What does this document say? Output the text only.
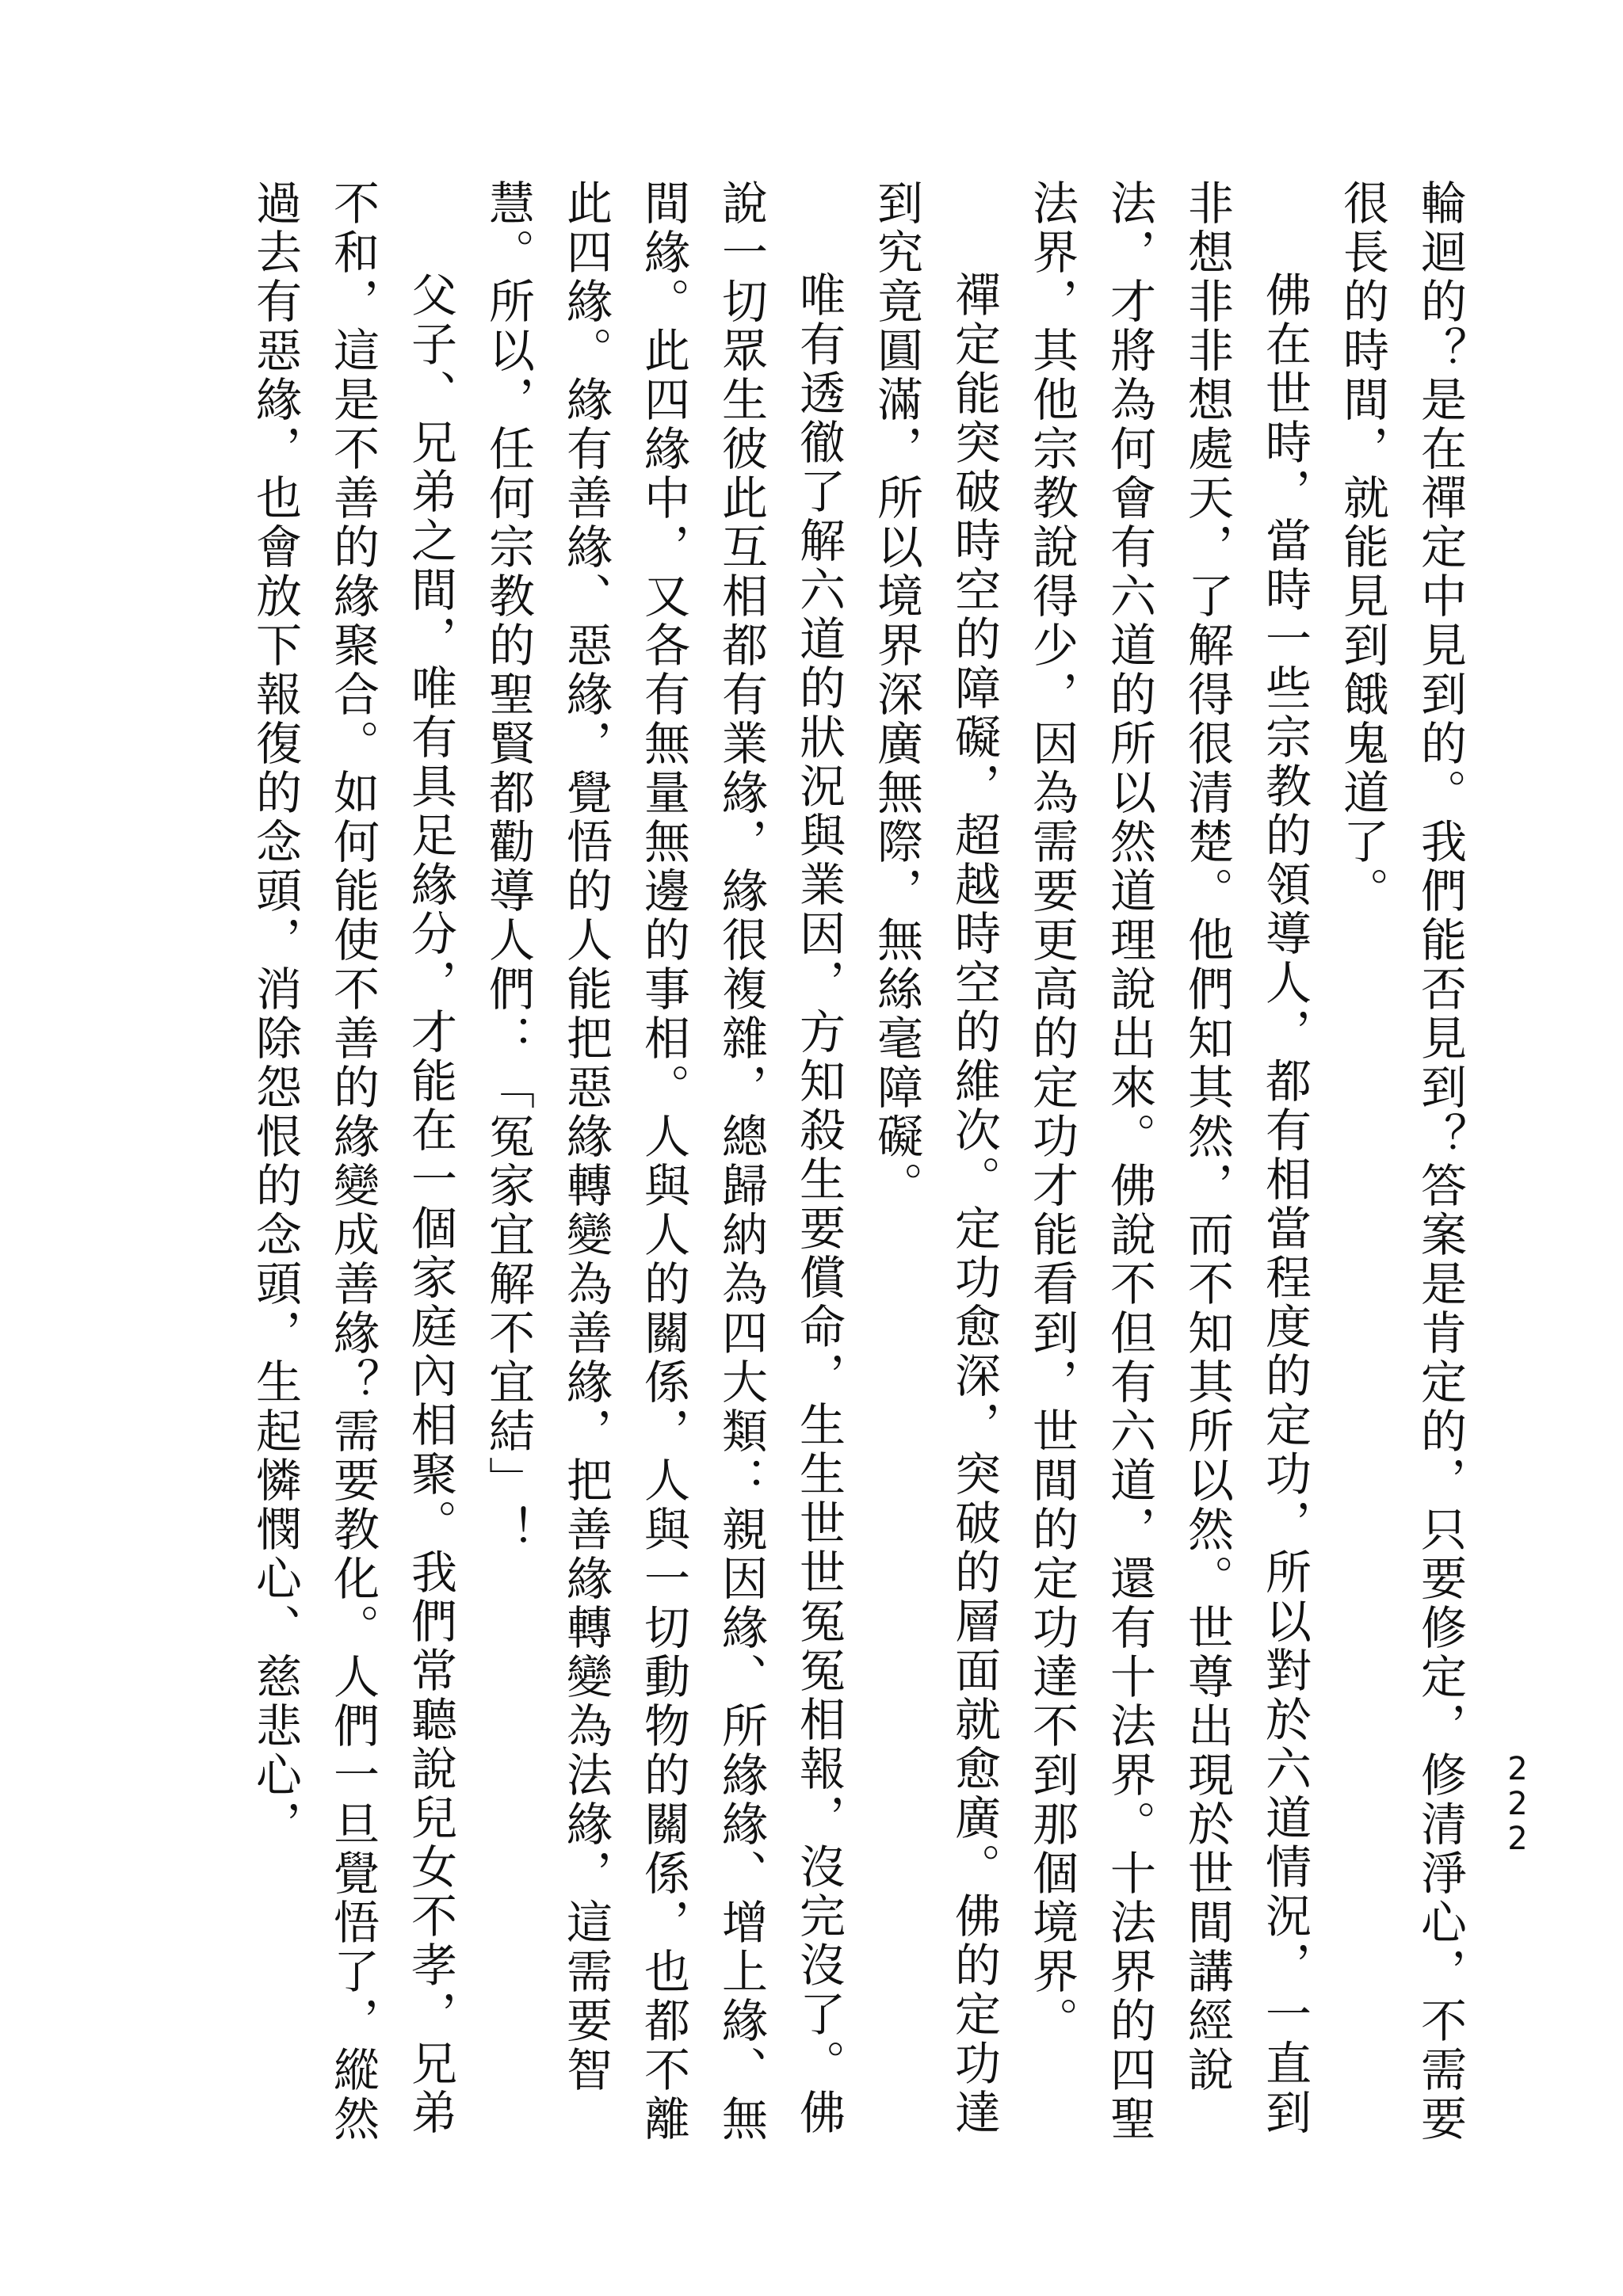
222

輪迴的？是在禪定中見到的。我們能否見到？答案是肯定的，只要修定，修清淨心，不需要很長的時間，就能見到餓鬼道了。

佛在世時，當時一些宗教的領導人，都有相當程度的定功，所以對於六道情況，一直到非想非非想處天，了解得很清楚。他們知其然，而不知其所以然。世尊出現於世間講經說法，才將為何會有六道的所以然道理說出來。佛說不但有六道，還有十法界。十法界的四聖法界，其他宗教說得少，因為需要更高的定功才能看到，世間的定功達不到那個境界。

禪定能突破時空的障礙，超越時空的維次。定功愈深，突破的層面就愈廣。佛的定功達到究竟圓滿，所以境界深廣無際，無絲毫障礙。

唯有透徹了解六道的狀況與業因，方知殺生要償命，生生世世冤冤相報，沒完沒了。佛說一切眾生彼此互相都有業緣，緣很複雜，總歸納為四大類：親因緣、所緣緣、增上緣、無間緣。此四緣中，又各有無量無邊的事相。人與人的關係，人與一切動物的關係，也都不離此四緣。緣有善緣、惡緣，覺悟的人能把惡緣轉變為善緣，把善緣轉變為法緣，這需要智慧。所以，任何宗教的聖賢都勸導人們：「冤家宜解不宜結」！

父子、兄弟之間，唯有具足緣分，才能在一個家庭內相聚。我們常聽說兒女不孝，兄弟不和，這是不善的緣聚合。如何能使不善的緣變成善緣？需要教化。人們一旦覺悟了，縱然過去有惡緣，也會放下報復的念頭，消除怨恨的念頭，生起憐憫心、慈悲心，
